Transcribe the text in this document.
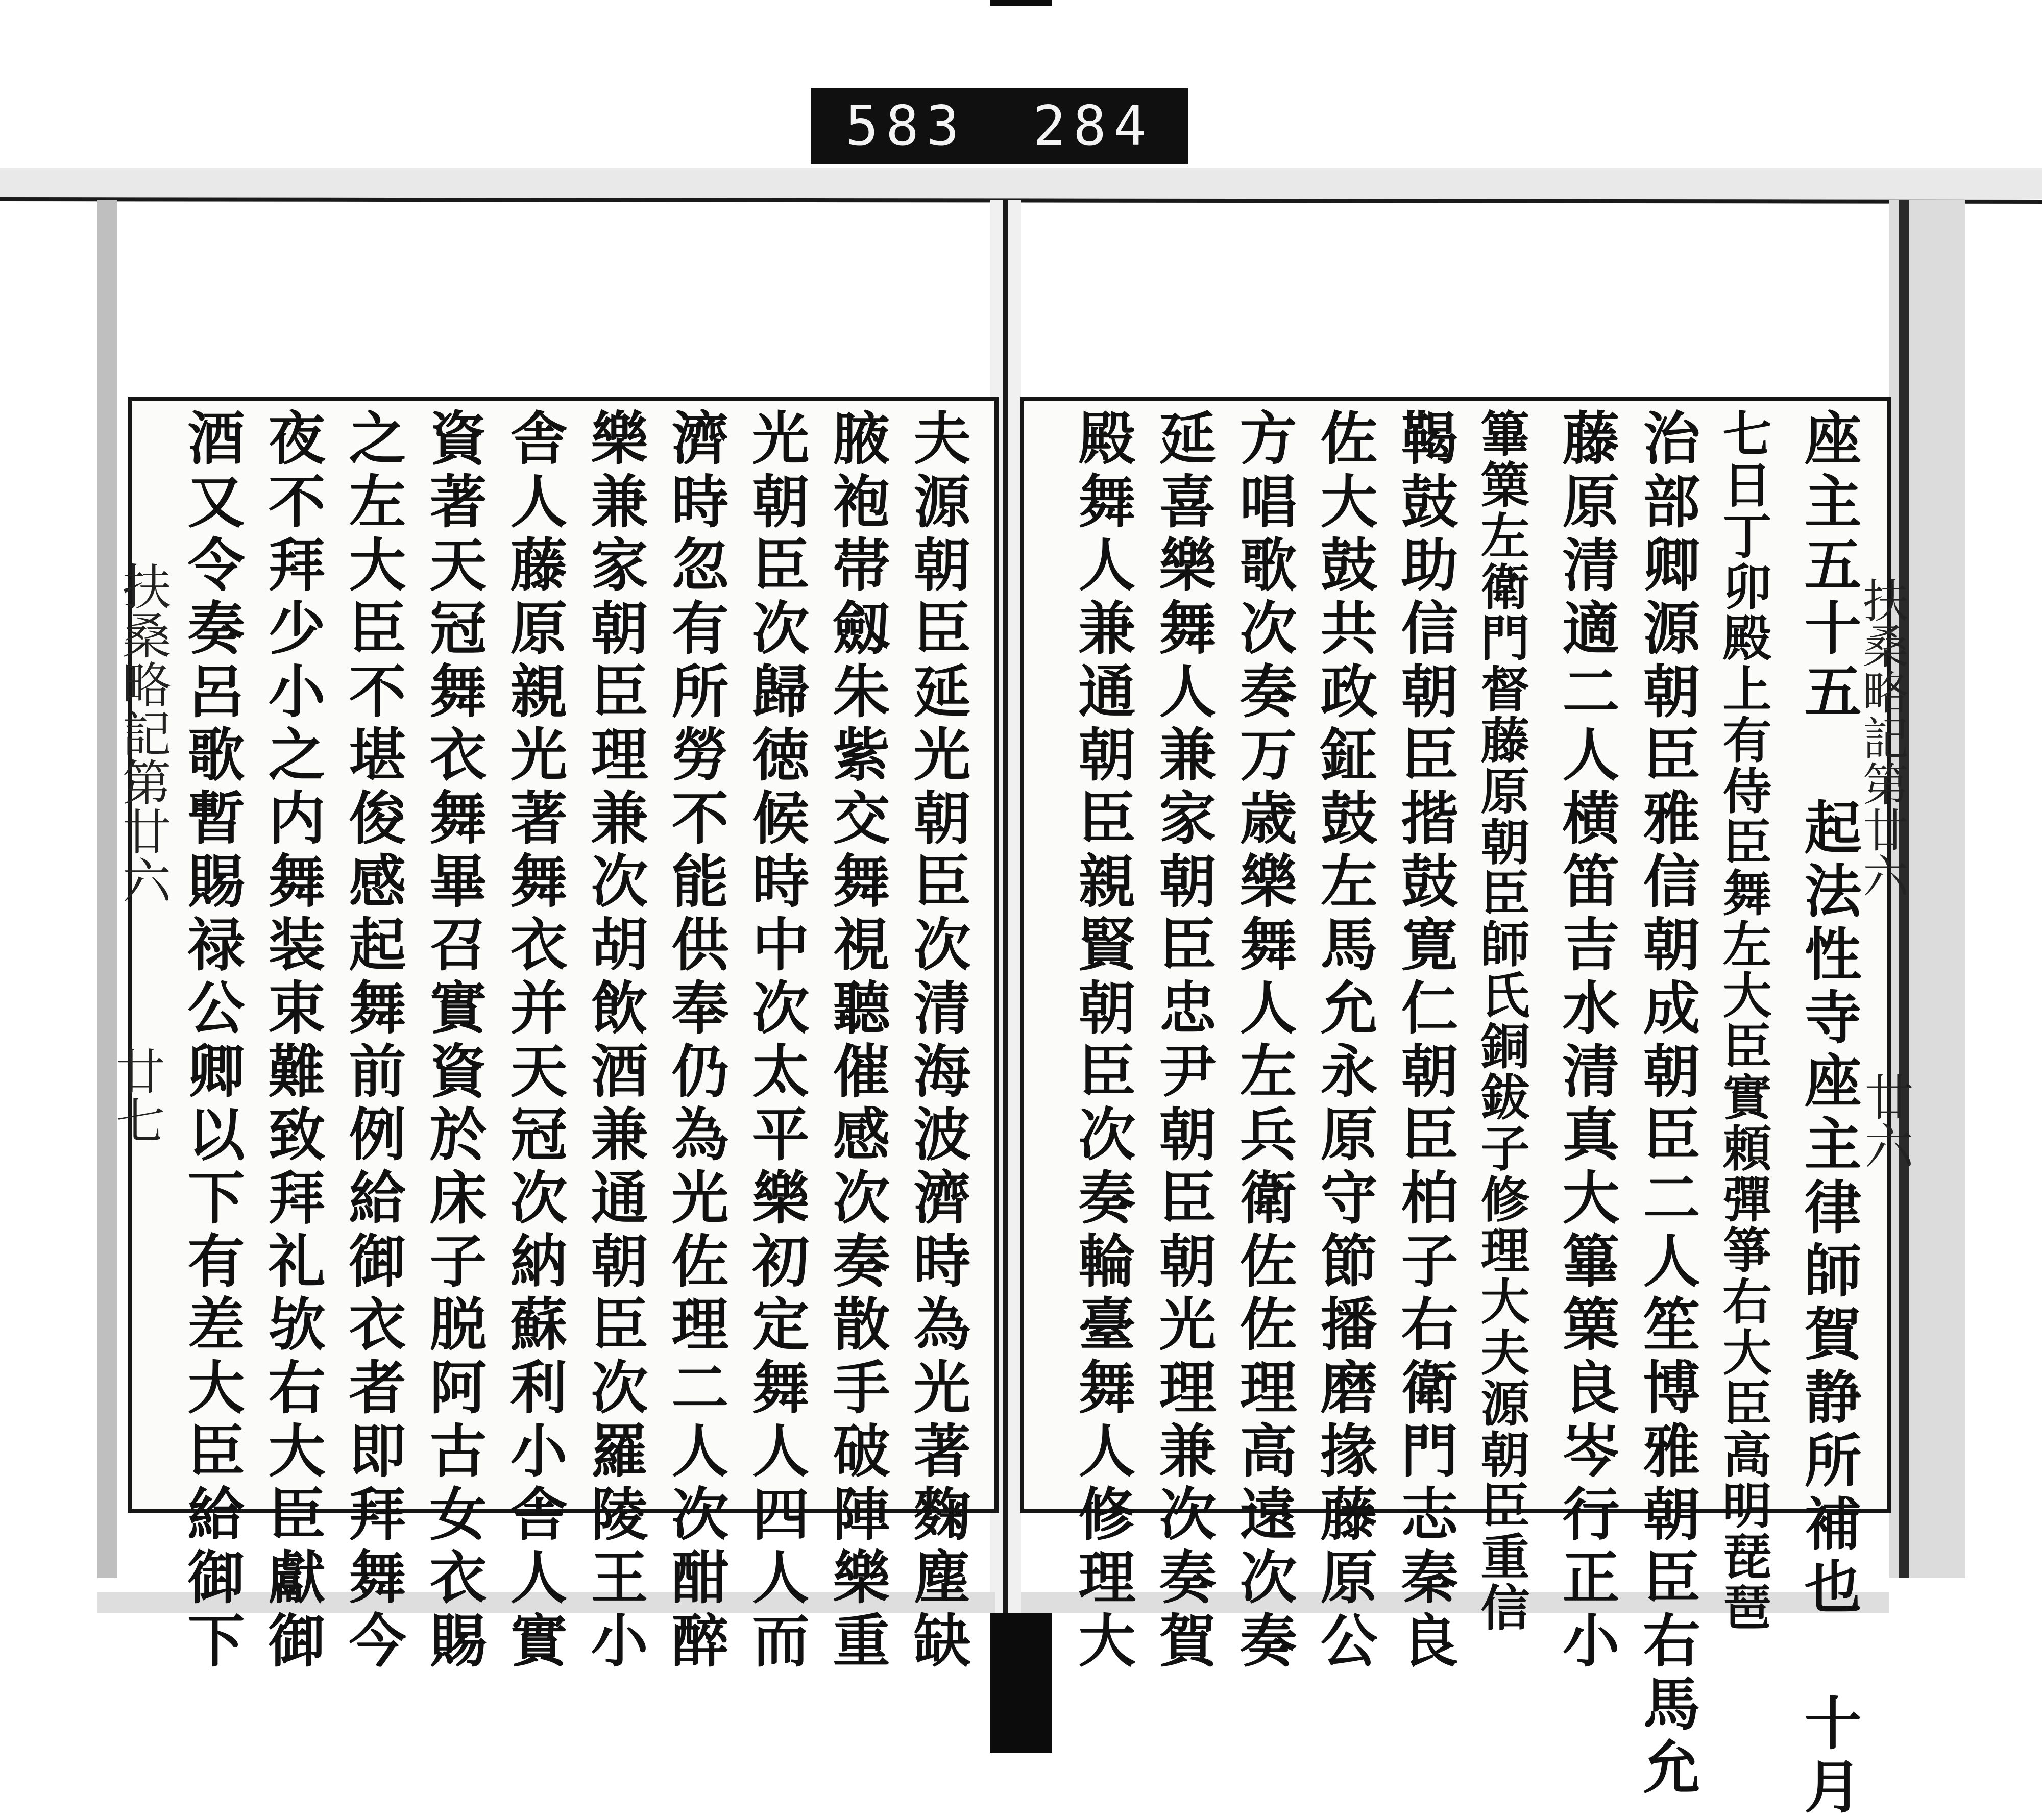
583 284
扶桑略記第廿六
廿七	夫源朝臣延光朝臣次清海波濟時為光著麴塵缺
腋袍帯劔朱紫交舞視聽催感次奏散手破陣樂重
光朝臣次歸徳候時中次太平樂初定舞人四人而
濟時忽有所勞不能供奉仍為光佐理二人次酣醉
樂兼家朝臣理兼次胡飲酒兼通朝臣次羅陵王小
舎人藤原親光著舞衣并天冠次納蘇利小舎人實
資著天冠舞衣舞畢召實資於床子脱阿古女衣賜
之左大臣不堪俊感起舞前例給御衣者即拜舞今
夜不拜少小之内舞装束難致拜礼欤右大臣獻御
酒又令奏呂歌暫賜禄公卿以下有差大臣給御下	扶桑略記第廿六
廿六
座主五十五 起法性寺座主律師賀静所補也 十月
七日丁卯殿上有侍臣舞左大臣實頼彈箏右大臣高明琵琶
治部卿源朝臣雅信朝成朝臣二人笙博雅朝臣右馬允
藤原清適二人横笛吉水清真大篳篥良岑行正小
篳篥左衛門督藤原朝臣師氏銅鈸子修理大夫源朝臣重信
鞨鼓助信朝臣揩鼓寛仁朝臣柏子右衛門志秦良
佐大鼓共政鉦鼓左馬允永原守節播磨掾藤原公
方唱歌次奏万歳樂舞人左兵衛佐佐理高遠次奏
延喜樂舞人兼家朝臣忠尹朝臣朝光理兼次奏賀
殿舞人兼通朝臣親賢朝臣次奏輪臺舞人修理大
